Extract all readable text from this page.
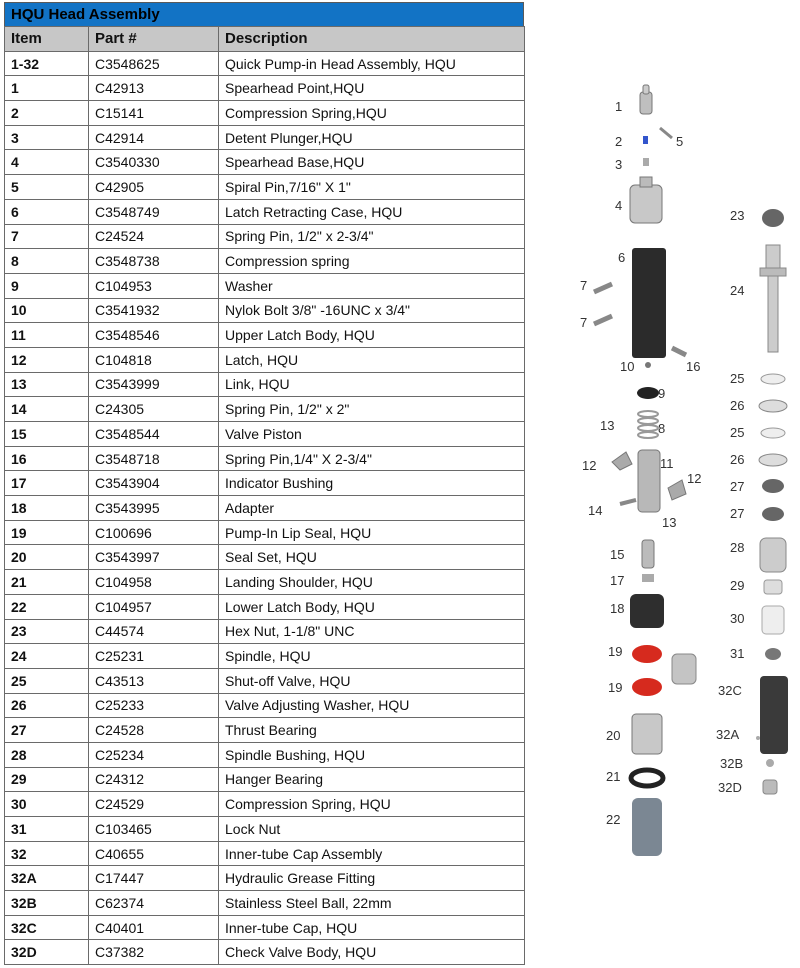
HQU Head Assembly
Item	Part #	Description
1-32	C3548625	Quick Pump-in Head Assembly, HQU
1	C42913	Spearhead Point,HQU
2	C15141	Compression Spring,HQU
3	C42914	Detent Plunger,HQU
4	C3540330	Spearhead Base,HQU
5	C42905	Spiral Pin,7/16" X 1"
6	C3548749	Latch Retracting Case, HQU
7	C24524	Spring Pin, 1/2" x 2-3/4"
8	C3548738	Compression spring
9	C104953	Washer
10	C3541932	Nylok Bolt 3/8" -16UNC x 3/4"
11	C3548546	Upper Latch Body, HQU
12	C104818	Latch, HQU
13	C3543999	Link, HQU
14	C24305	Spring Pin, 1/2" x 2"
15	C3548544	Valve Piston
16	C3548718	Spring Pin,1/4" X 2-3/4"
17	C3543904	Indicator Bushing
18	C3543995	Adapter
19	C100696	Pump-In Lip Seal, HQU
20	C3543997	Seal Set, HQU
21	C104958	Landing Shoulder, HQU
22	C104957	Lower Latch Body, HQU
23	C44574	Hex Nut, 1-1/8" UNC
24	C25231	Spindle, HQU
25	C43513	Shut-off Valve, HQU
26	C25233	Valve Adjusting Washer, HQU
27	C24528	Thrust Bearing
28	C25234	Spindle Bushing, HQU
29	C24312	Hanger Bearing
30	C24529	Compression Spring, HQU
31	C103465	Lock Nut
32	C40655	Inner-tube Cap Assembly
32A	C17447	Hydraulic Grease Fitting
32B	C62374	Stainless Steel Ball, 22mm
32C	C40401	Inner-tube Cap, HQU
32D	C37382	Check Valve Body, HQU
1
2	5
3
4
6
7
7
10	16
9
8
13
12	11
12
14
13
15
17
18
19
19
20
21
22
23
24
25
26
25
26
27
27
28
29
30
31
32C
32A
32B
32D
